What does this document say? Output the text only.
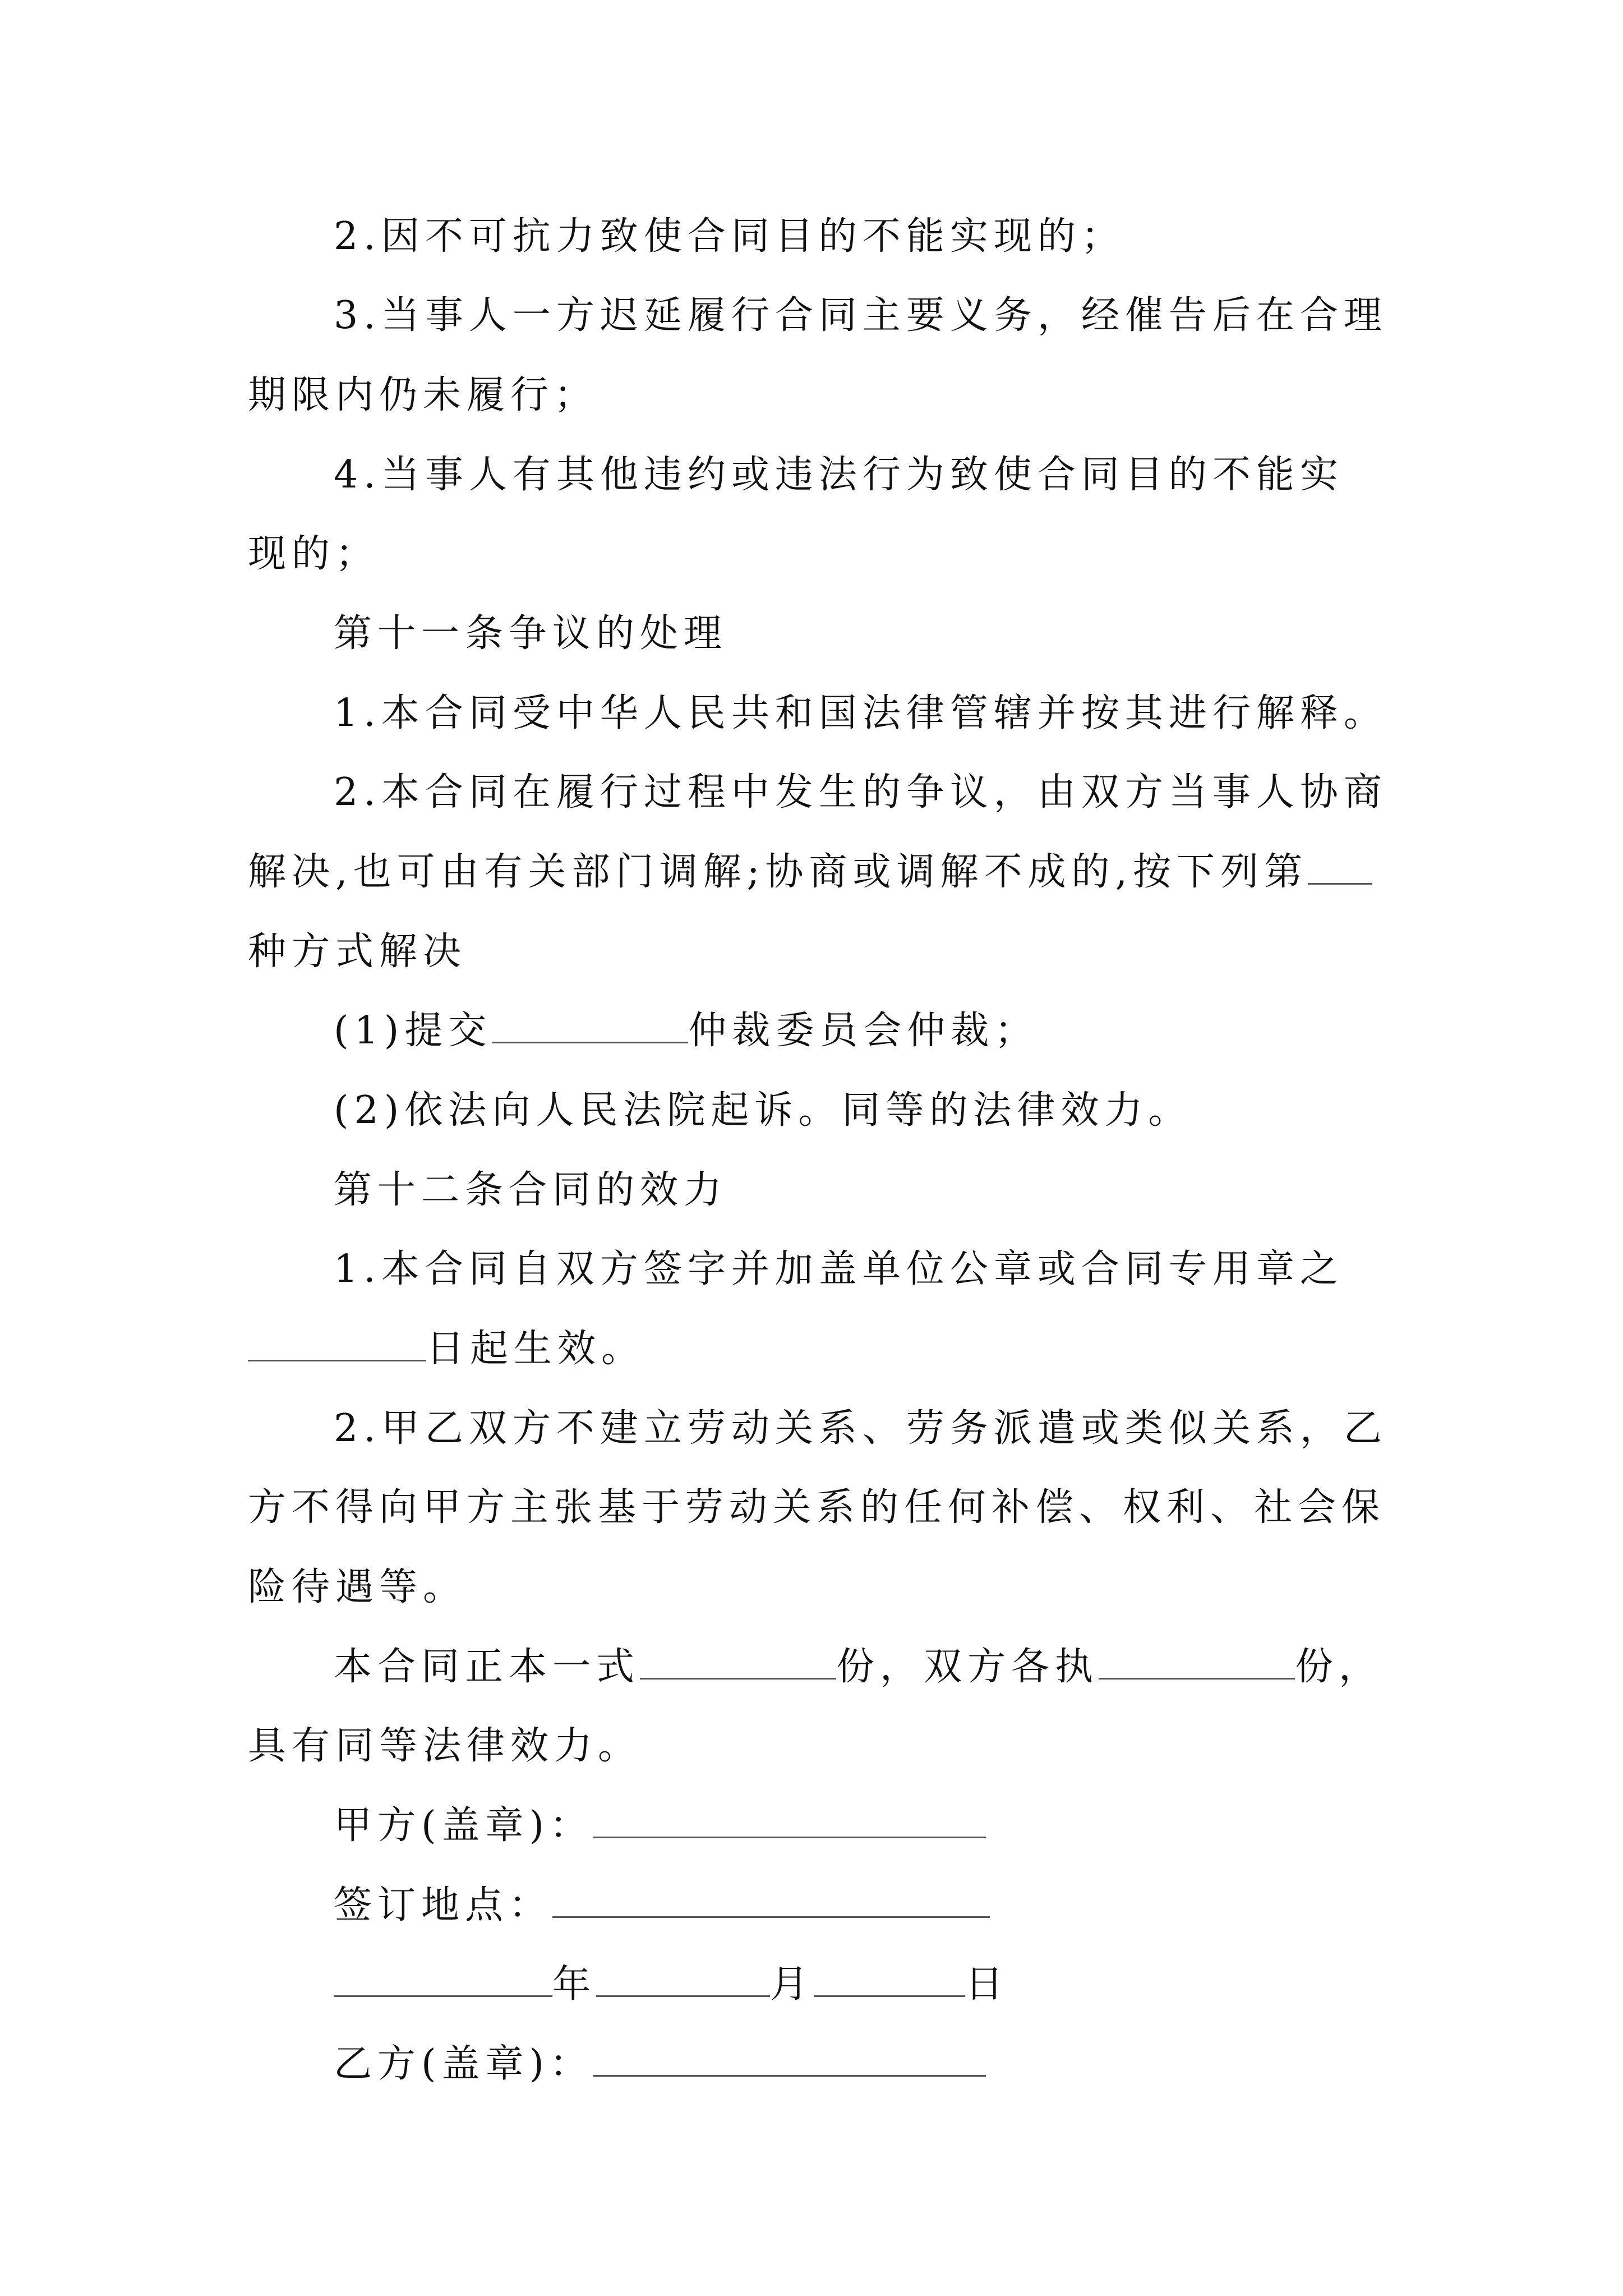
2.因不可抗力致使合同目的不能实现的；
3.当事人一方迟延履行合同主要义务，经催告后在合理
期限内仍未履行；
4.当事人有其他违约或违法行为致使合同目的不能实
现的；
第十一条争议的处理
1.本合同受中华人民共和国法律管辖并按其进行解释。
2.本合同在履行过程中发生的争议，由双方当事人协商
解决,也可由有关部门调解;协商或调解不成的,按下列第
种方式解决
(1)提交	仲裁委员会仲裁；
(2)依法向人民法院起诉。同等的法律效力。
第十二条合同的效力
1.本合同自双方签字并加盖单位公章或合同专用章之
日起生效。
2.甲乙双方不建立劳动关系、劳务派遣或类似关系，乙
方不得向甲方主张基于劳动关系的任何补偿、权利、社会保
险待遇等。
本合同正本一式	份，双方各执	份，
具有同等法律效力。
甲方(盖章)：
签订地点：
年	月	日
乙方(盖章)：
